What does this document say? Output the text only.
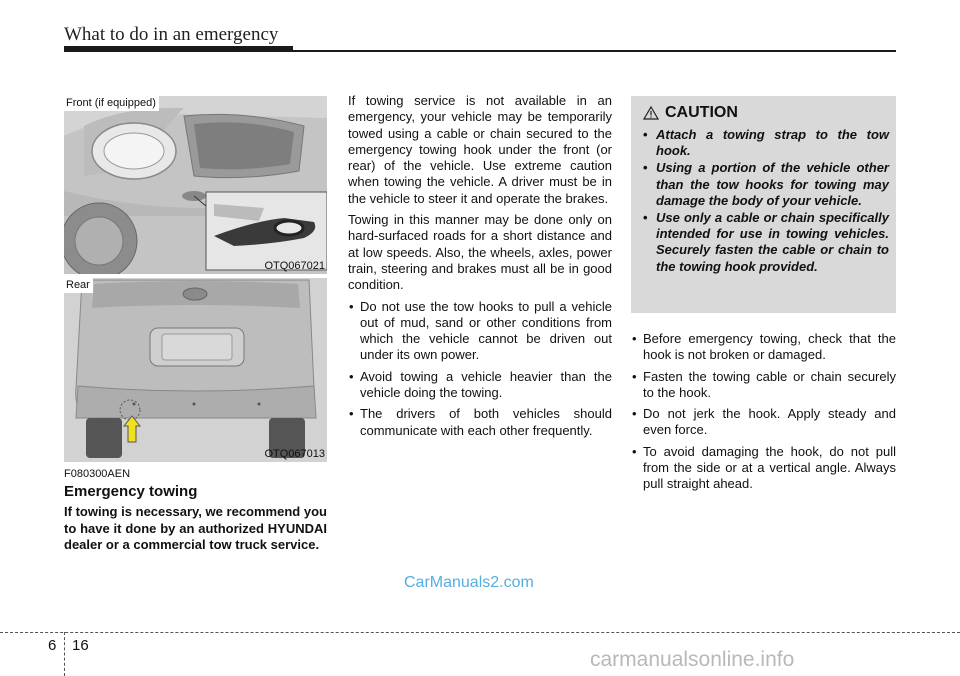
What to do in an emergency
Front (if equipped)
OTQ067021
Rear
OTQ067013
F080300AEN
Emergency towing
If towing is necessary, we recommend you to have it done by an authorized HYUNDAI dealer or a commercial tow truck service.

If towing service is not available in an emergency, your vehicle may be temporarily towed using a cable or chain secured to the emergency towing hook under the front (or rear) of the vehicle. Use extreme caution when towing the vehicle. A driver must be in the vehicle to steer it and operate the brakes.

Towing in this manner may be done only on hard-surfaced roads for a short distance and at low speeds. Also, the wheels, axles, power train, steering and brakes must all be in good condition.

• Do not use the tow hooks to pull a vehicle out of mud, sand or other conditions from which the vehicle cannot be driven out under its own power.
• Avoid towing a vehicle heavier than the vehicle doing the towing.
• The drivers of both vehicles should communicate with each other frequently.
CAUTION
• Attach a towing strap to the tow hook.
• Using a portion of the vehicle other than the tow hooks for towing may damage the body of your vehicle.
• Use only a cable or chain specifically intended for use in towing vehicles. Securely fasten the cable or chain to the towing hook provided.
• Before emergency towing, check that the hook is not broken or damaged.
• Fasten the towing cable or chain securely to the hook.
• Do not jerk the hook. Apply steady and even force.
• To avoid damaging the hook, do not pull from the side or at a vertical angle. Always pull straight ahead.
CarManuals2.com
6 16
carmanualsonline.info
